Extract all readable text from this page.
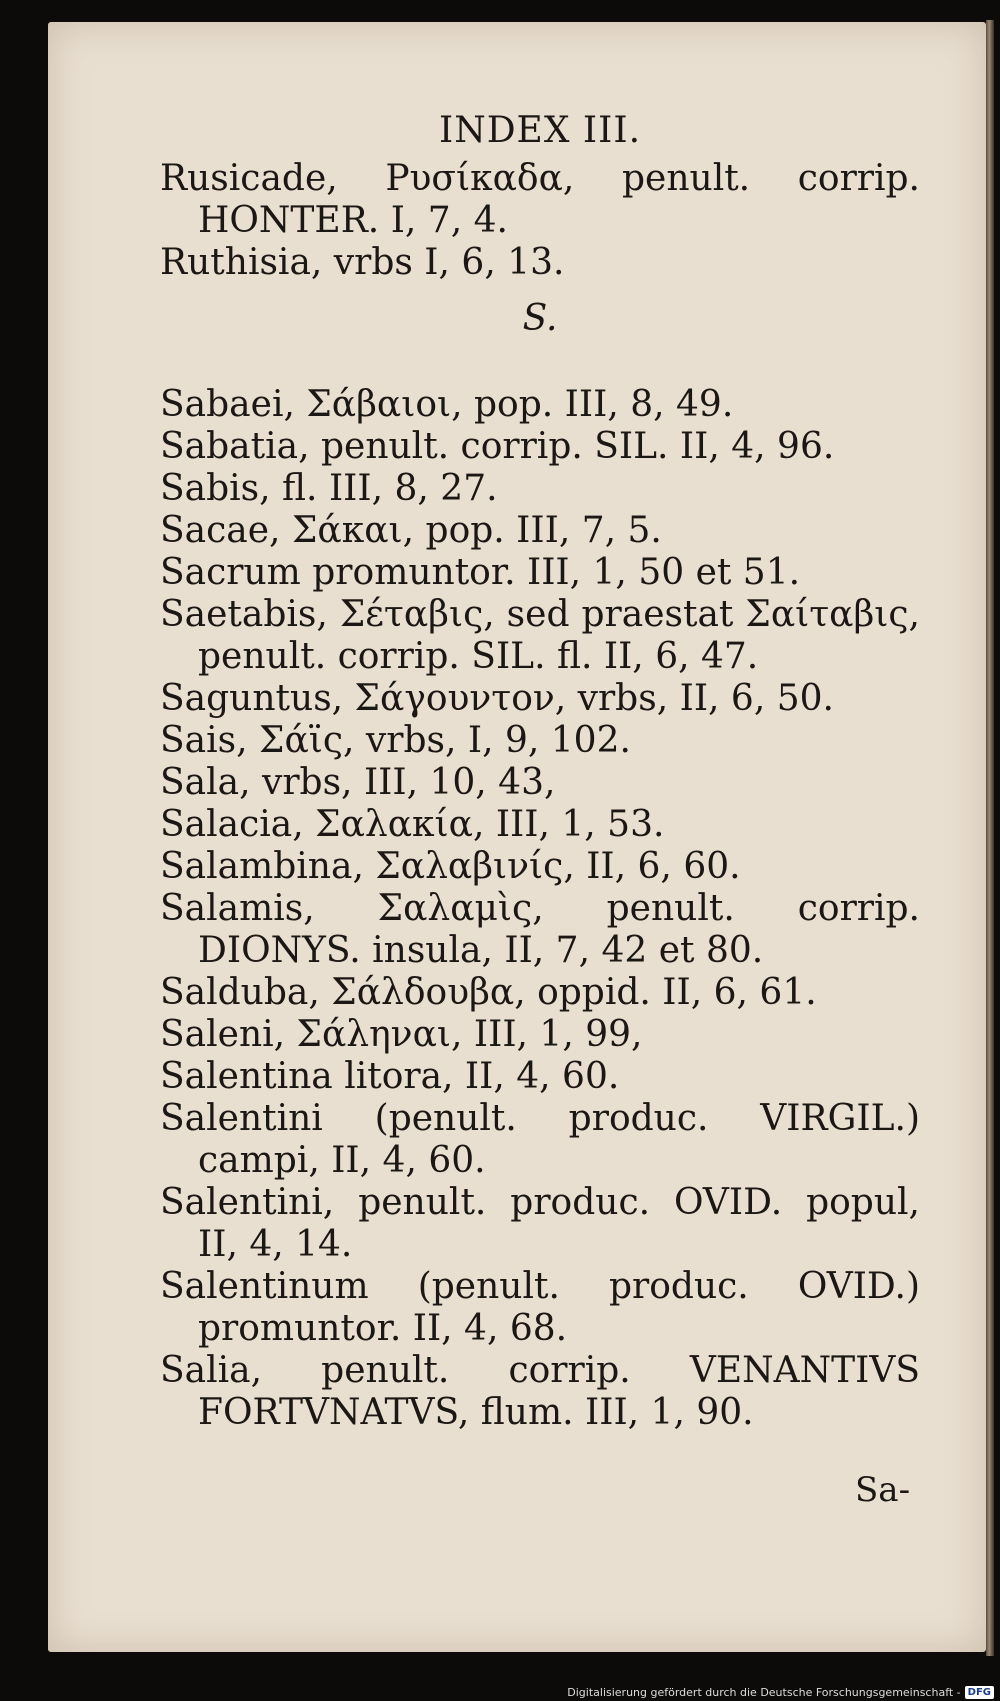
INDEX III.
Rusicade, Ρυσίκαδα, penult. corrip. HONTER. I, 7, 4.
Ruthisia, vrbs I, 6, 13.
S.
Sabaei, Σάβαιοι, pop. III, 8, 49.
Sabatia, penult. corrip. SIL. II, 4, 96.
Sabis, fl. III, 8, 27.
Sacae, Σάκαι, pop. III, 7, 5.
Sacrum promuntor. III, 1, 50 et 51.
Saetabis, Σέταβις, sed praestat Σαίταβις, penult. corrip. SIL. fl. II, 6, 47.
Saguntus, Σάγουντον, vrbs, II, 6, 50.
Sais, Σάϊς, vrbs, I, 9, 102.
Sala, vrbs, III, 10, 43,
Salacia, Σαλακία, III, 1, 53.
Salambina, Σαλαβινίς, II, 6, 60.
Salamis, Σαλαμὶς, penult. corrip. DIONYS. insula, II, 7, 42 et 80.
Salduba, Σάλδουβα, oppid. II, 6, 61.
Saleni, Σάληναι, III, 1, 99,
Salentina litora, II, 4, 60.
Salentini (penult. produc. VIRGIL.) campi, II, 4, 60.
Salentini, penult. produc. OVID. popul, II, 4, 14.
Salentinum (penult. produc. OVID.) promuntor. II, 4, 68.
Salia, penult. corrip. VENANTIVS FORTVNATVS, flum. III, 1, 90.
Sa-
Digitalisierung gefördert durch die Deutsche Forschungsgemeinschaft - DFG
